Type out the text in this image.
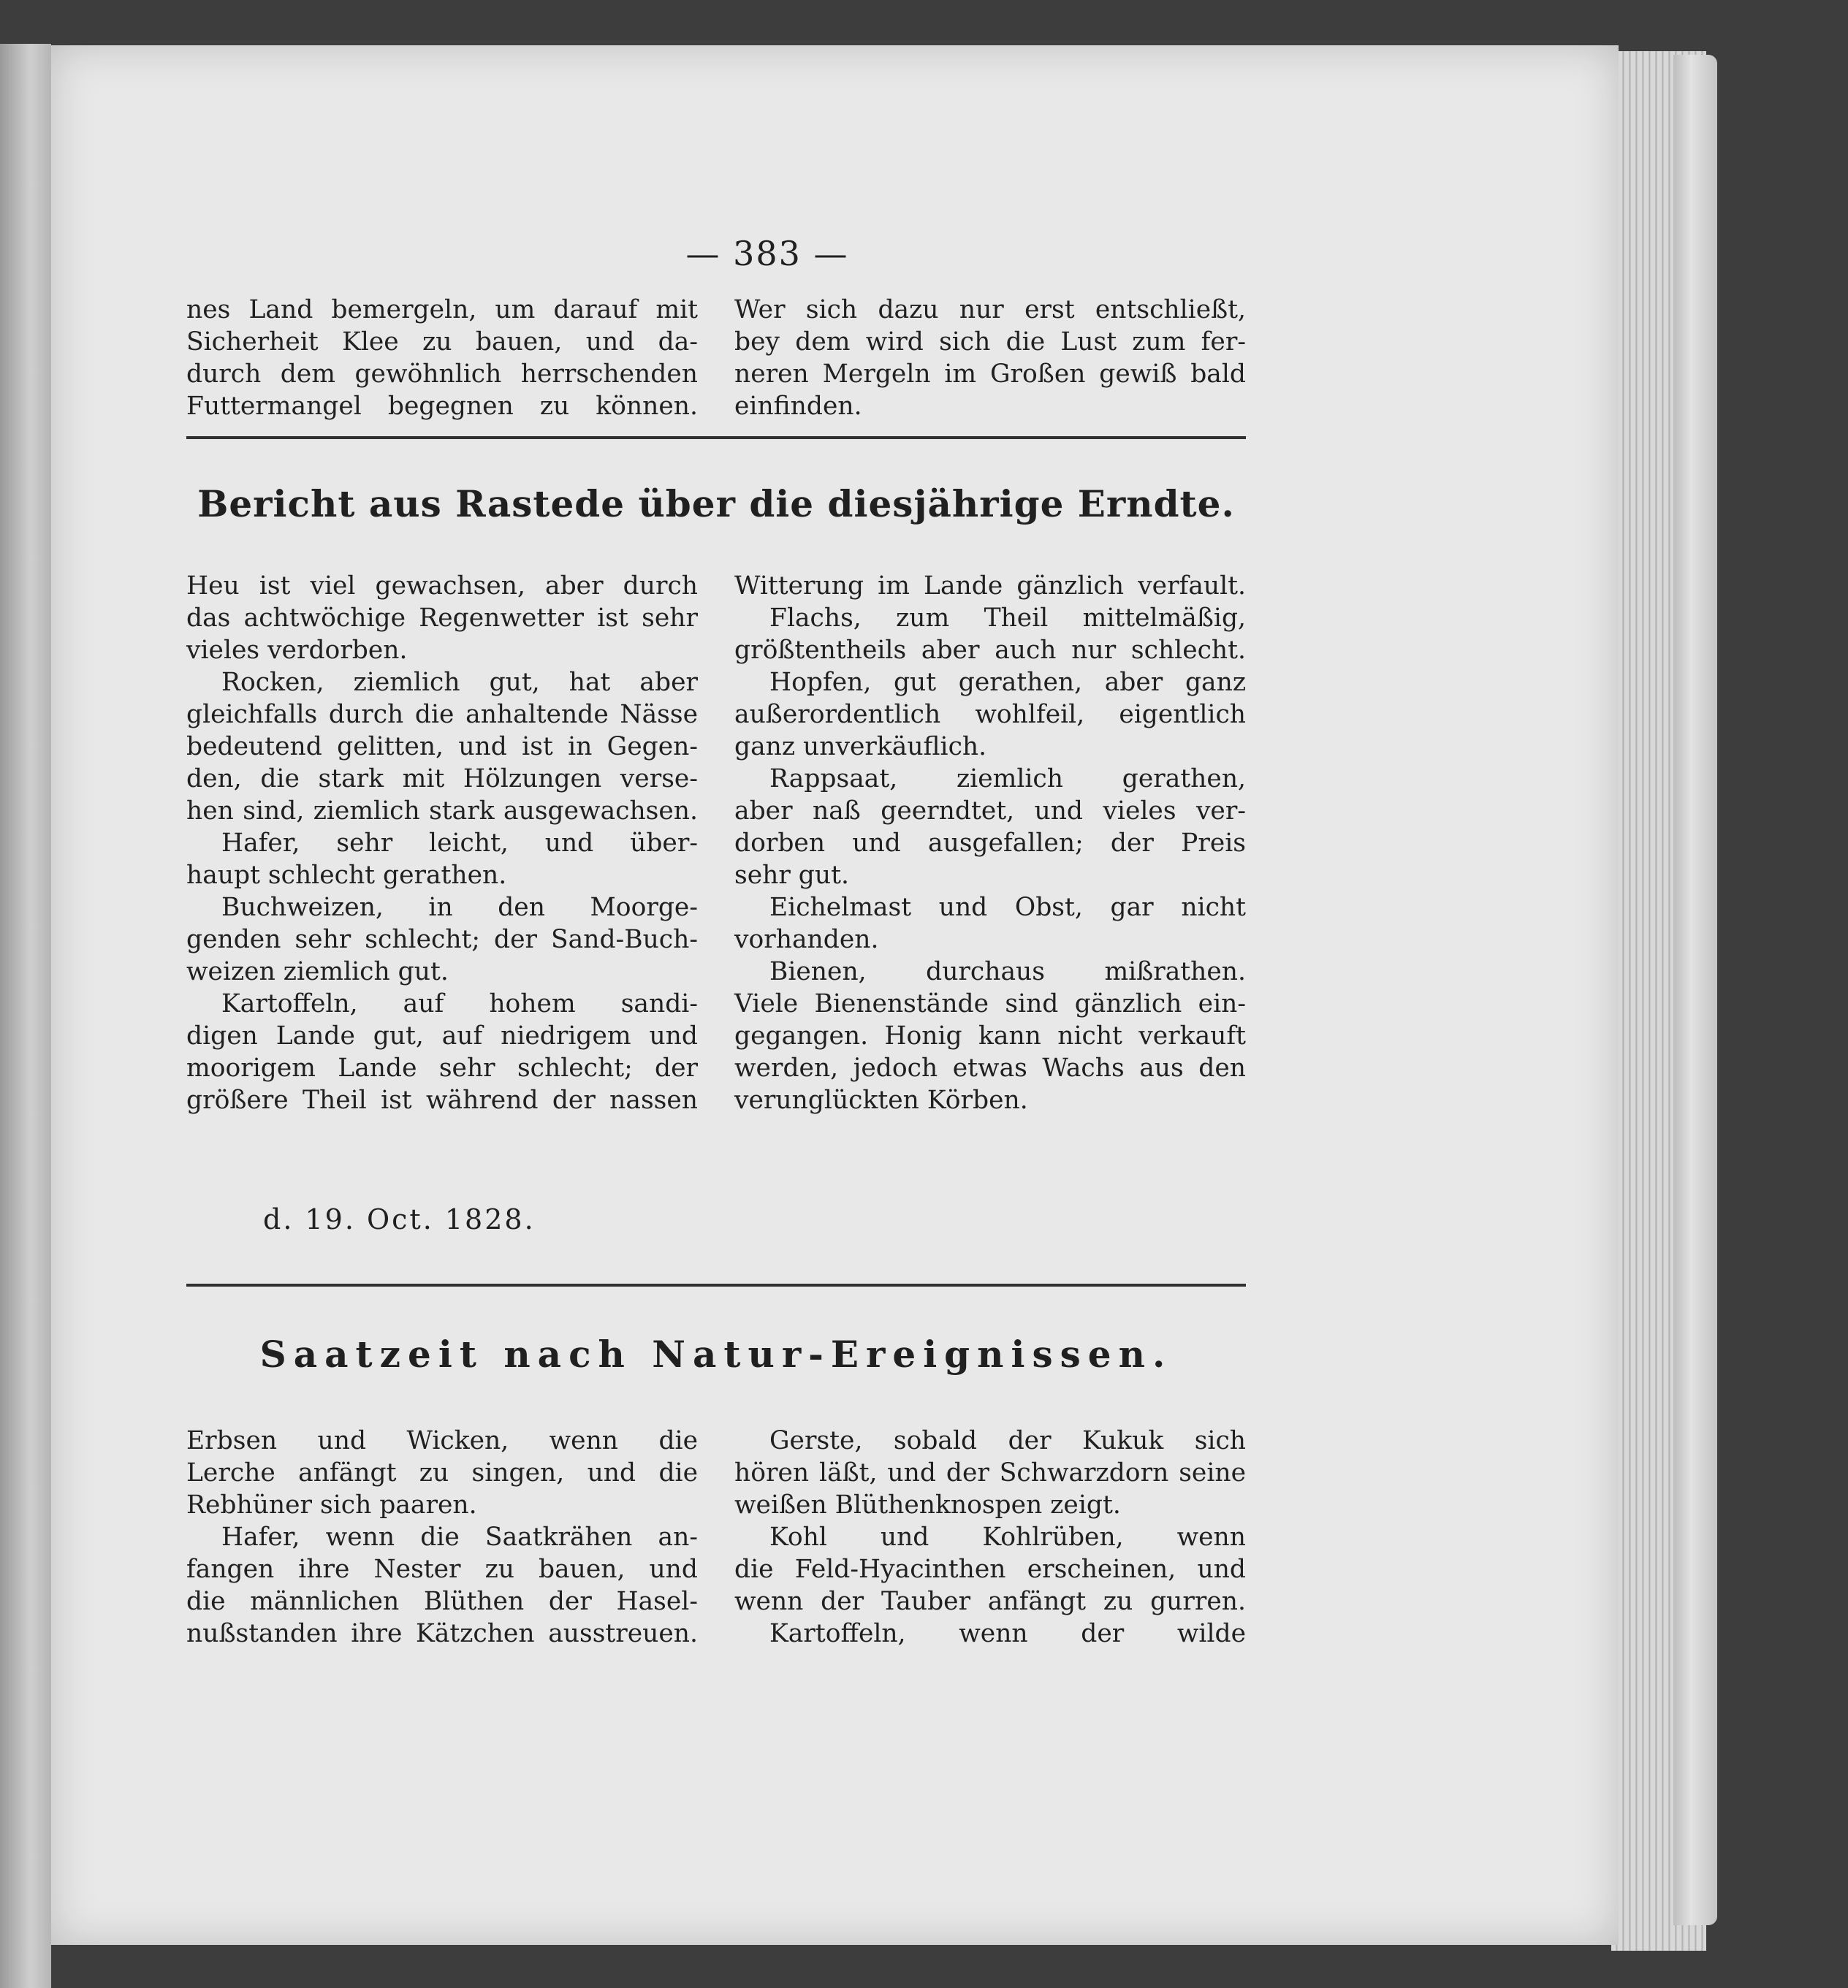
— 383 —

nes Land bemergeln, um darauf mit

Sicherheit Klee zu bauen, und da-

durch dem gewöhnlich herrschenden

Futtermangel begegnen zu können.

Wer sich dazu nur erst entschließt,

bey dem wird sich die Lust zum fer-

neren Mergeln im Großen gewiß bald

einfinden.

Bericht aus Rastede über die diesjährige Erndte.

Heu ist viel gewachsen, aber durch

das achtwöchige Regenwetter ist sehr

vieles verdorben.

Rocken, ziemlich gut, hat aber

gleichfalls durch die anhaltende Nässe

bedeutend gelitten, und ist in Gegen-

den, die stark mit Hölzungen verse-

hen sind, ziemlich stark ausgewachsen.

Hafer, sehr leicht, und über-

haupt schlecht gerathen.

Buchweizen, in den Moorge-

genden sehr schlecht; der Sand-Buch-

weizen ziemlich gut.

Kartoffeln, auf hohem sandi-

digen Lande gut, auf niedrigem und

moorigem Lande sehr schlecht; der

größere Theil ist während der nassen

Witterung im Lande gänzlich verfault.

Flachs, zum Theil mittelmäßig,

größtentheils aber auch nur schlecht.

Hopfen, gut gerathen, aber ganz

außerordentlich wohlfeil, eigentlich

ganz unverkäuflich.

Rappsaat, ziemlich gerathen,

aber naß geerndtet, und vieles ver-

dorben und ausgefallen; der Preis

sehr gut.

Eichelmast und Obst, gar nicht

vorhanden.

Bienen, durchaus mißrathen.

Viele Bienenstände sind gänzlich ein-

gegangen. Honig kann nicht verkauft

werden, jedoch etwas Wachs aus den

verunglückten Körben.

d. 19. Oct. 1828.
Saatzeit nach Natur-Ereignissen.

Erbsen und Wicken, wenn die

Lerche anfängt zu singen, und die

Rebhüner sich paaren.

Hafer, wenn die Saatkrähen an-

fangen ihre Nester zu bauen, und

die männlichen Blüthen der Hasel-

nußstanden ihre Kätzchen ausstreuen.

Gerste, sobald der Kukuk sich

hören läßt, und der Schwarzdorn seine

weißen Blüthenknospen zeigt.

Kohl und Kohlrüben, wenn

die Feld-Hyacinthen erscheinen, und

wenn der Tauber anfängt zu gurren.

Kartoffeln, wenn der wilde
